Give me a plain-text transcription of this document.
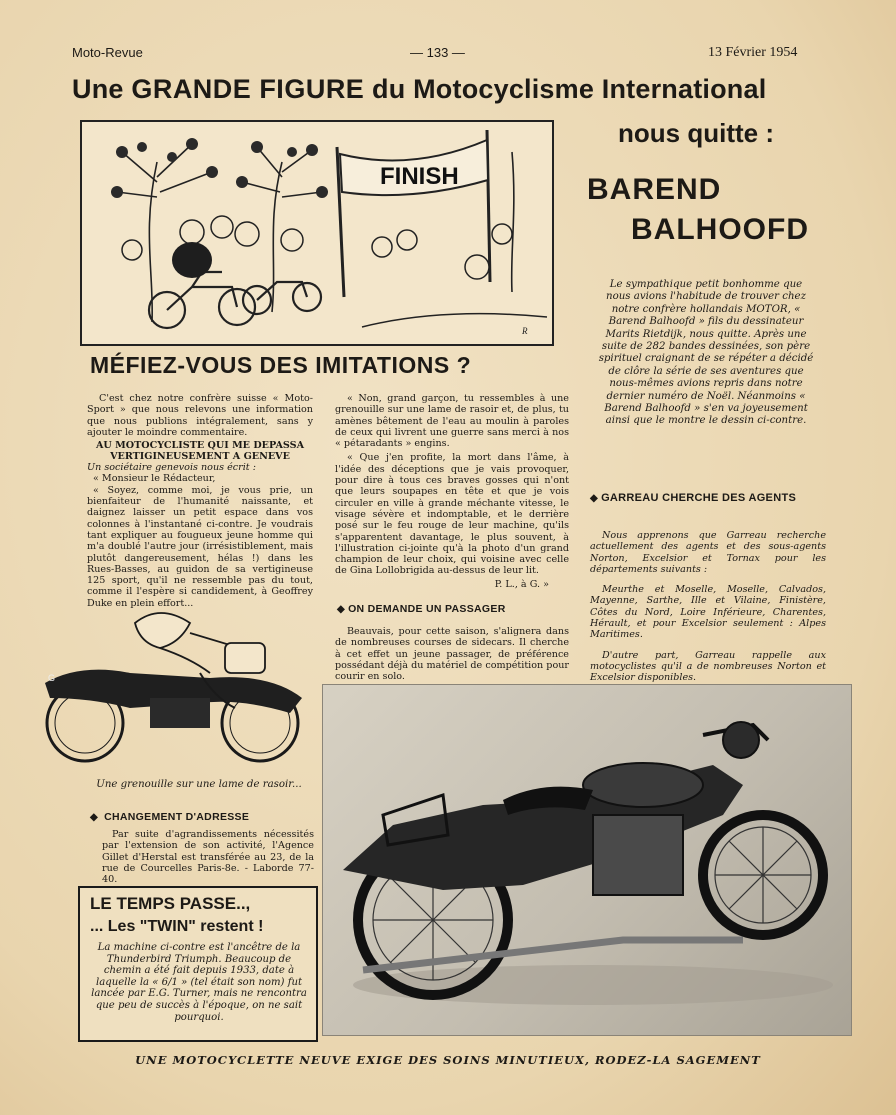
Moto-Revue	— 133 —	13 Février 1954
Une GRANDE FIGURE du Motocyclisme International
nous quitte :
BAREND
BALHOOFD
FINISH
R
Le sympathique petit bonhomme que nous avions l'habitude de trouver chez notre confrère hollandais MOTOR, « Barend Balhoofd » fils du dessinateur Marits Rietdijk, nous quitte. Après une suite de 282 bandes dessinées, son père spirituel craignant de se répéter a décidé de clôre la série de ses aventures que nous-mêmes avions repris dans notre dernier numéro de Noël. Néanmoins « Barend Balhoofd » s'en va joyeusement ainsi que le montre le dessin ci-contre.
◆ GARREAU CHERCHE DES AGENTS

Nous apprenons que Garreau recherche actuellement des agents et des sous-agents Norton, Excelsior et Tornax pour les départements suivants :

Meurthe et Moselle, Moselle, Calvados, Mayenne, Sarthe, Ille et Vilaine, Finistère, Côtes du Nord, Loire Inférieure, Charentes, Hérault, et pour Excelsior seulement : Alpes Maritimes.

D'autre part, Garreau rappelle aux motocyclistes qu'il a de nombreuses Norton et Excelsior disponibles.

MÉFIEZ-VOUS DES IMITATIONS ?

C'est chez notre confrère suisse « Moto-Sport » que nous relevons une information que nous publions intégralement, sans y ajouter le moindre commentaire.

AU MOTOCYCLISTE QUI ME DEPASSA VERTIGINEUSEMENT A GENEVE

Un sociétaire genevois nous écrit :

« Monsieur le Rédacteur,

« Soyez, comme moi, je vous prie, un bienfaiteur de l'humanité naissante, et daignez laisser un petit espace dans vos colonnes à l'instantané ci-contre. Je voudrais tant expliquer au fougueux jeune homme qui m'a doublé l'autre jour (irrésistiblement, mais plutôt dangereusement, hélas !) dans les Rues-Basses, au guidon de sa vertigineuse 125 sport, qu'il ne ressemble pas du tout, comme il l'espère si candidement, à Geoffrey Duke en plein effort...

« Non, grand garçon, tu ressembles à une grenouille sur une lame de rasoir et, de plus, tu amènes bêtement de l'eau au moulin à paroles de ceux qui livrent une guerre sans merci à nos « pétaradants » engins.

« Que j'en profite, la mort dans l'âme, à l'idée des déceptions que je vais provoquer, pour dire à tous ces braves gosses qui n'ont que leurs soupapes en tête et que je vois circuler en ville à grande méchante vitesse, le visage sévère et indomptable, et le derrière posé sur le feu rouge de leur machine, qu'ils s'apparentent davantage, le plus souvent, à l'illustration ci-jointe qu'à la photo d'un grand champion de leur choix, qui voisine avec celle de Gina Lollobrigida au-dessus de leur lit.

P. L., à G. »

◆ ON DEMANDE UN PASSAGER
Beauvais, pour cette saison, s'alignera dans de nombreuses courses de sidecars. Il cherche à cet effet un jeune passager, de préférence possédant déjà du matériel de compétition pour courir en solo.
G
Une grenouille sur une lame de rasoir...
◆  CHANGEMENT D'ADRESSE
Par suite d'agrandissements nécessités par l'extension de son activité, l'Agence Gillet d'Herstal est transférée au 23, de la rue de Courcelles Paris-8e. - Laborde 77-40.
LE TEMPS PASSE..,
... Les "TWIN" restent !
La machine ci-contre est l'ancêtre de la Thunderbird Triumph. Beaucoup de chemin a été fait depuis 1933, date à laquelle la « 6/1 » (tel était son nom) fut lancée par E.G. Turner, mais ne rencontra que peu de succès à l'époque, on ne sait pourquoi.
UNE MOTOCYCLETTE NEUVE EXIGE DES SOINS MINUTIEUX, RODEZ-LA SAGEMENT
